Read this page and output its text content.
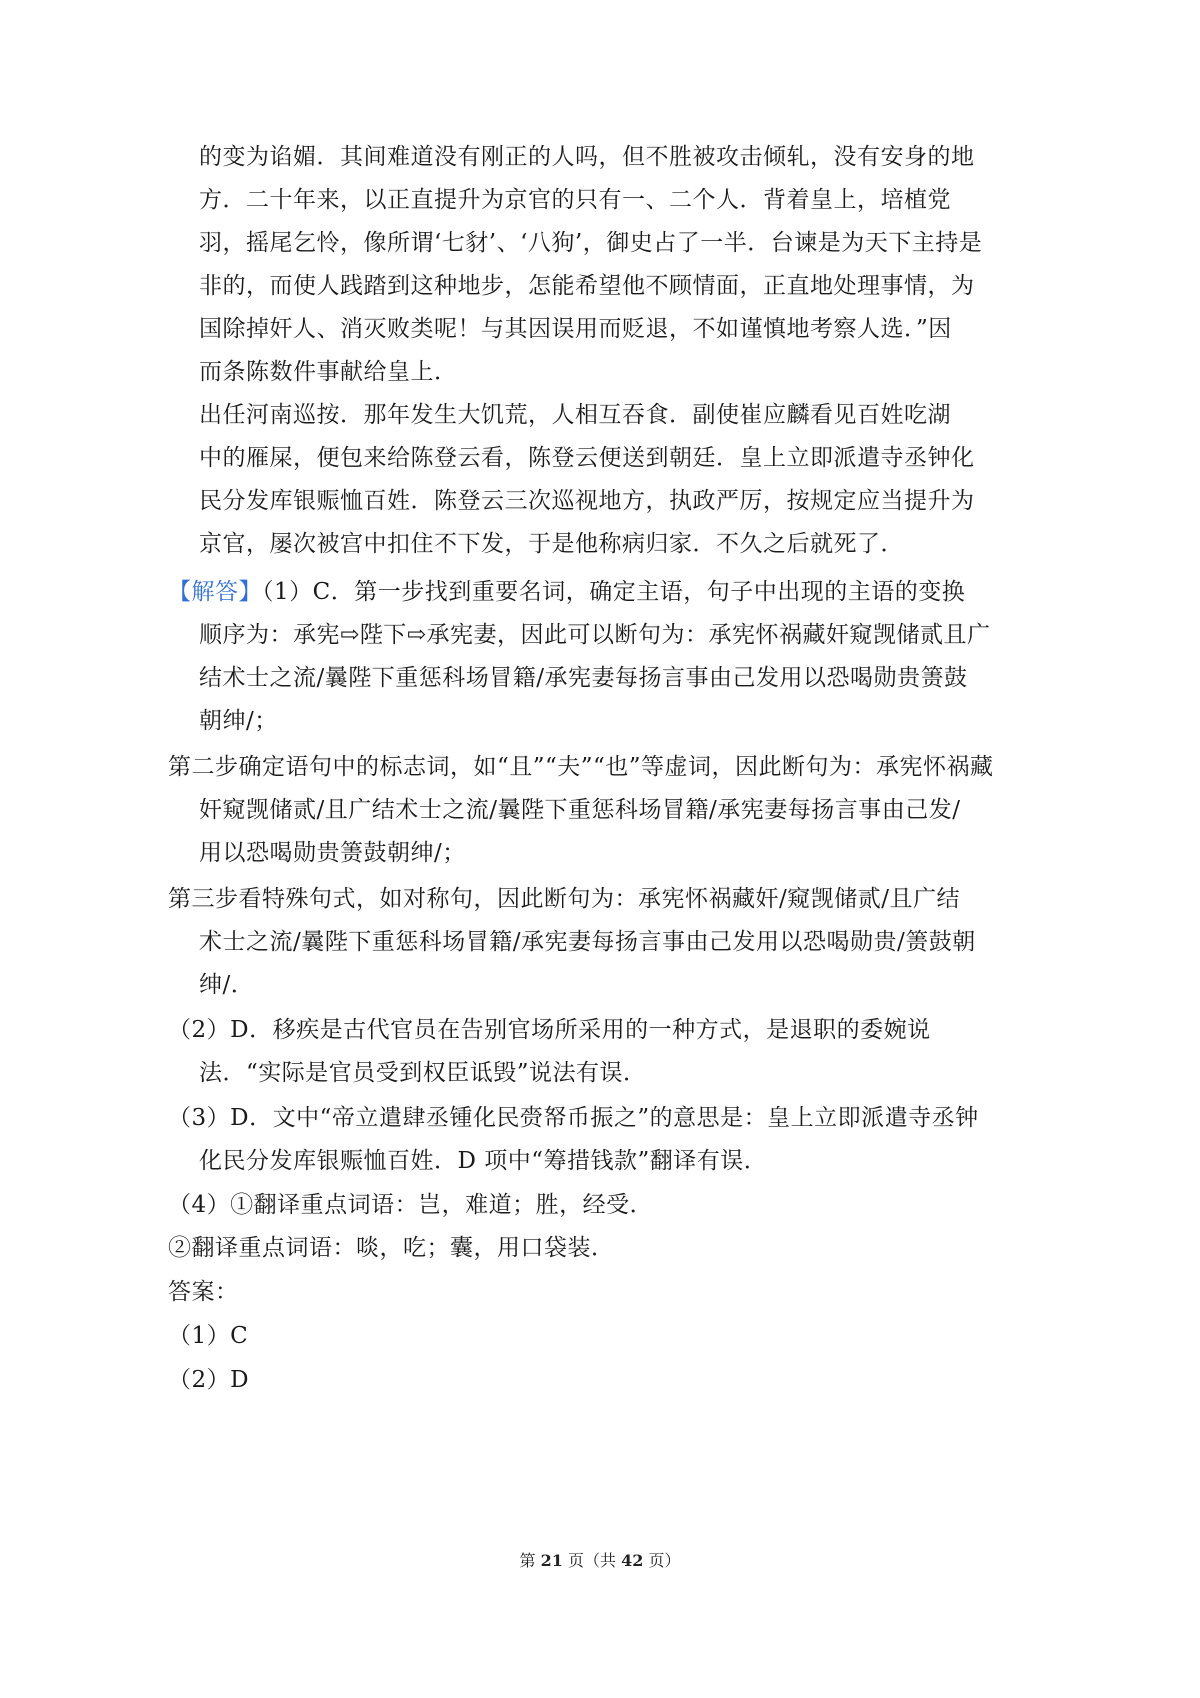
的变为谄媚．其间难道没有刚正的人吗，但不胜被攻击倾轧，没有安身的地
方．二十年来，以正直提升为京官的只有一、二个人．背着皇上，培植党
羽，摇尾乞怜，像所谓‘七豺’、‘八狗’，御史占了一半．台谏是为天下主持是
非的，而使人践踏到这种地步，怎能希望他不顾情面，正直地处理事情，为
国除掉奸人、消灭败类呢！与其因误用而贬退，不如谨慎地考察人选．”因
而条陈数件事献给皇上．
出任河南巡按．那年发生大饥荒，人相互吞食．副使崔应麟看见百姓吃湖
中的雁屎，便包来给陈登云看，陈登云便送到朝廷．皇上立即派遣寺丞钟化
民分发库银赈恤百姓．陈登云三次巡视地方，执政严厉，按规定应当提升为
京官，屡次被宫中扣住不下发，于是他称病归家．不久之后就死了．
【解答】（1）C．第一步找到重要名词，确定主语，句子中出现的主语的变换
顺序为：承宪⇨陛下⇨承宪妻，因此可以断句为：承宪怀祸藏奸窥觊储贰且广
结术士之流/曩陛下重惩科场冒籍/承宪妻每扬言事由己发用以恐喝勋贵箦鼓
朝绅/；
第二步确定语句中的标志词，如“且”“夫”“也”等虚词，因此断句为：承宪怀祸藏
奸窥觊储贰/且广结术士之流/曩陛下重惩科场冒籍/承宪妻每扬言事由己发/
用以恐喝勋贵箦鼓朝绅/；
第三步看特殊句式，如对称句，因此断句为：承宪怀祸藏奸/窥觊储贰/且广结
术士之流/曩陛下重惩科场冒籍/承宪妻每扬言事由己发用以恐喝勋贵/箦鼓朝
绅/．
（2）D．移疾是古代官员在告别官场所采用的一种方式，是退职的委婉说
法．“实际是官员受到权臣诋毁”说法有误．
（3）D．文中“帝立遣肆丞锺化民赍帑币振之”的意思是：皇上立即派遣寺丞钟
化民分发库银赈恤百姓．D 项中“筹措钱款”翻译有误．
（4）①翻译重点词语：岂，难道；胜，经受．
②翻译重点词语：啖，吃；囊，用口袋装．
答案：
（1）C
（2）D
第 21 页（共 42 页）
